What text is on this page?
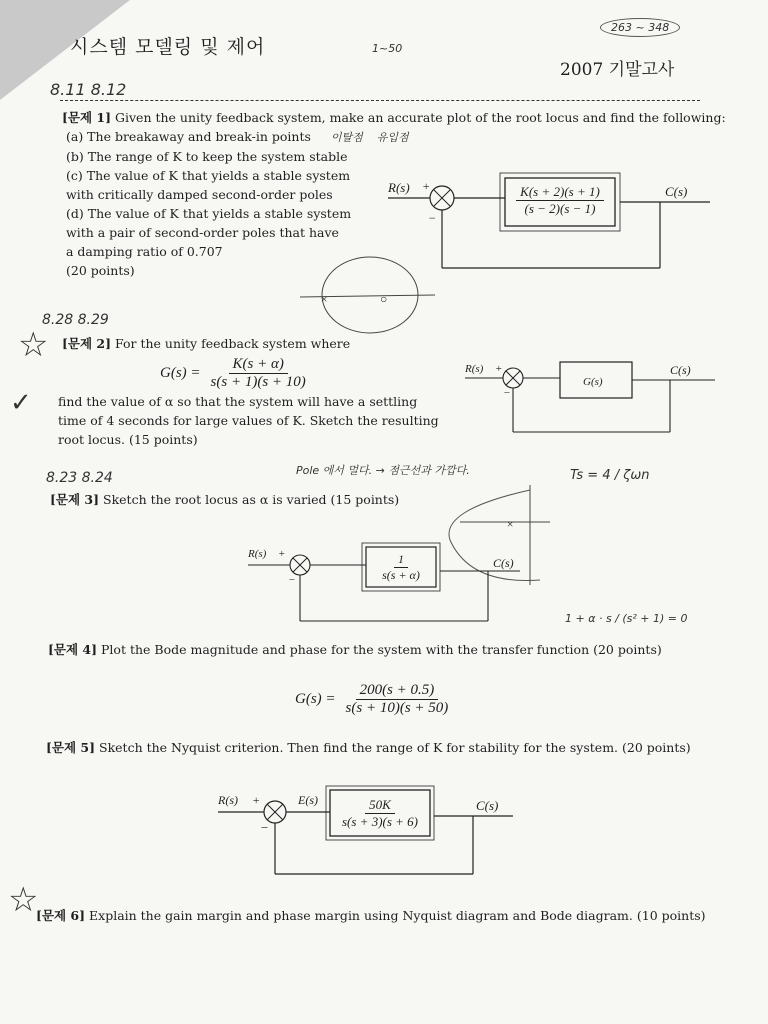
시스템 모델링 및 제어	1~50
263 ~ 348
2007 기말고사
8.11 8.12
[문제 1] Given the unity feedback system, make an accurate plot of the root locus and find the following:
(a) The breakaway and break-in points 이탈점 유입점
(b) The range of K to keep the system stable
(c) The value of K that yields a stable system
with critically damped second-order poles
(d) The value of K that yields a stable system
with a pair of second-order poles that have
a damping ratio of 0.707
(20 points)
R(s) +
−
C(s)
$\frac{K(s + 2)(s + 1)}{(s - 2)(s - 1)}$
×	○
8.28 8.29
☆
✓
[문제 2] For the unity feedback system where
$G(s) = \frac{K(s + \alpha)}{s(s + 1)(s + 10)}$
find the value of α so that the system will have a settling
time of 4 seconds for large values of K. Sketch the resulting
root locus. (15 points)
Pole 에서 멀다. → 점근선과 가깝다.	Ts = 4 / ζωn
R(s) +
−
G(s)
C(s)
8.23 8.24
[문제 3] Sketch the root locus as α is varied (15 points)
×
1 + α · s / (s² + 1) = 0
R(s) +
−
C(s)
$\frac{1}{s(s + \alpha)}$
[문제 4] Plot the Bode magnitude and phase for the system with the transfer function (20 points)
$G(s) = \frac{200(s + 0.5)}{s(s + 10)(s + 50)}$
[문제 5] Sketch the Nyquist criterion. Then find the range of K for stability for the system. (20 points)
R(s) +
−
E(s)	C(s)
$\frac{50K}{s(s + 3)(s + 6)}$
☆
[문제 6] Explain the gain margin and phase margin using Nyquist diagram and Bode diagram. (10 points)
